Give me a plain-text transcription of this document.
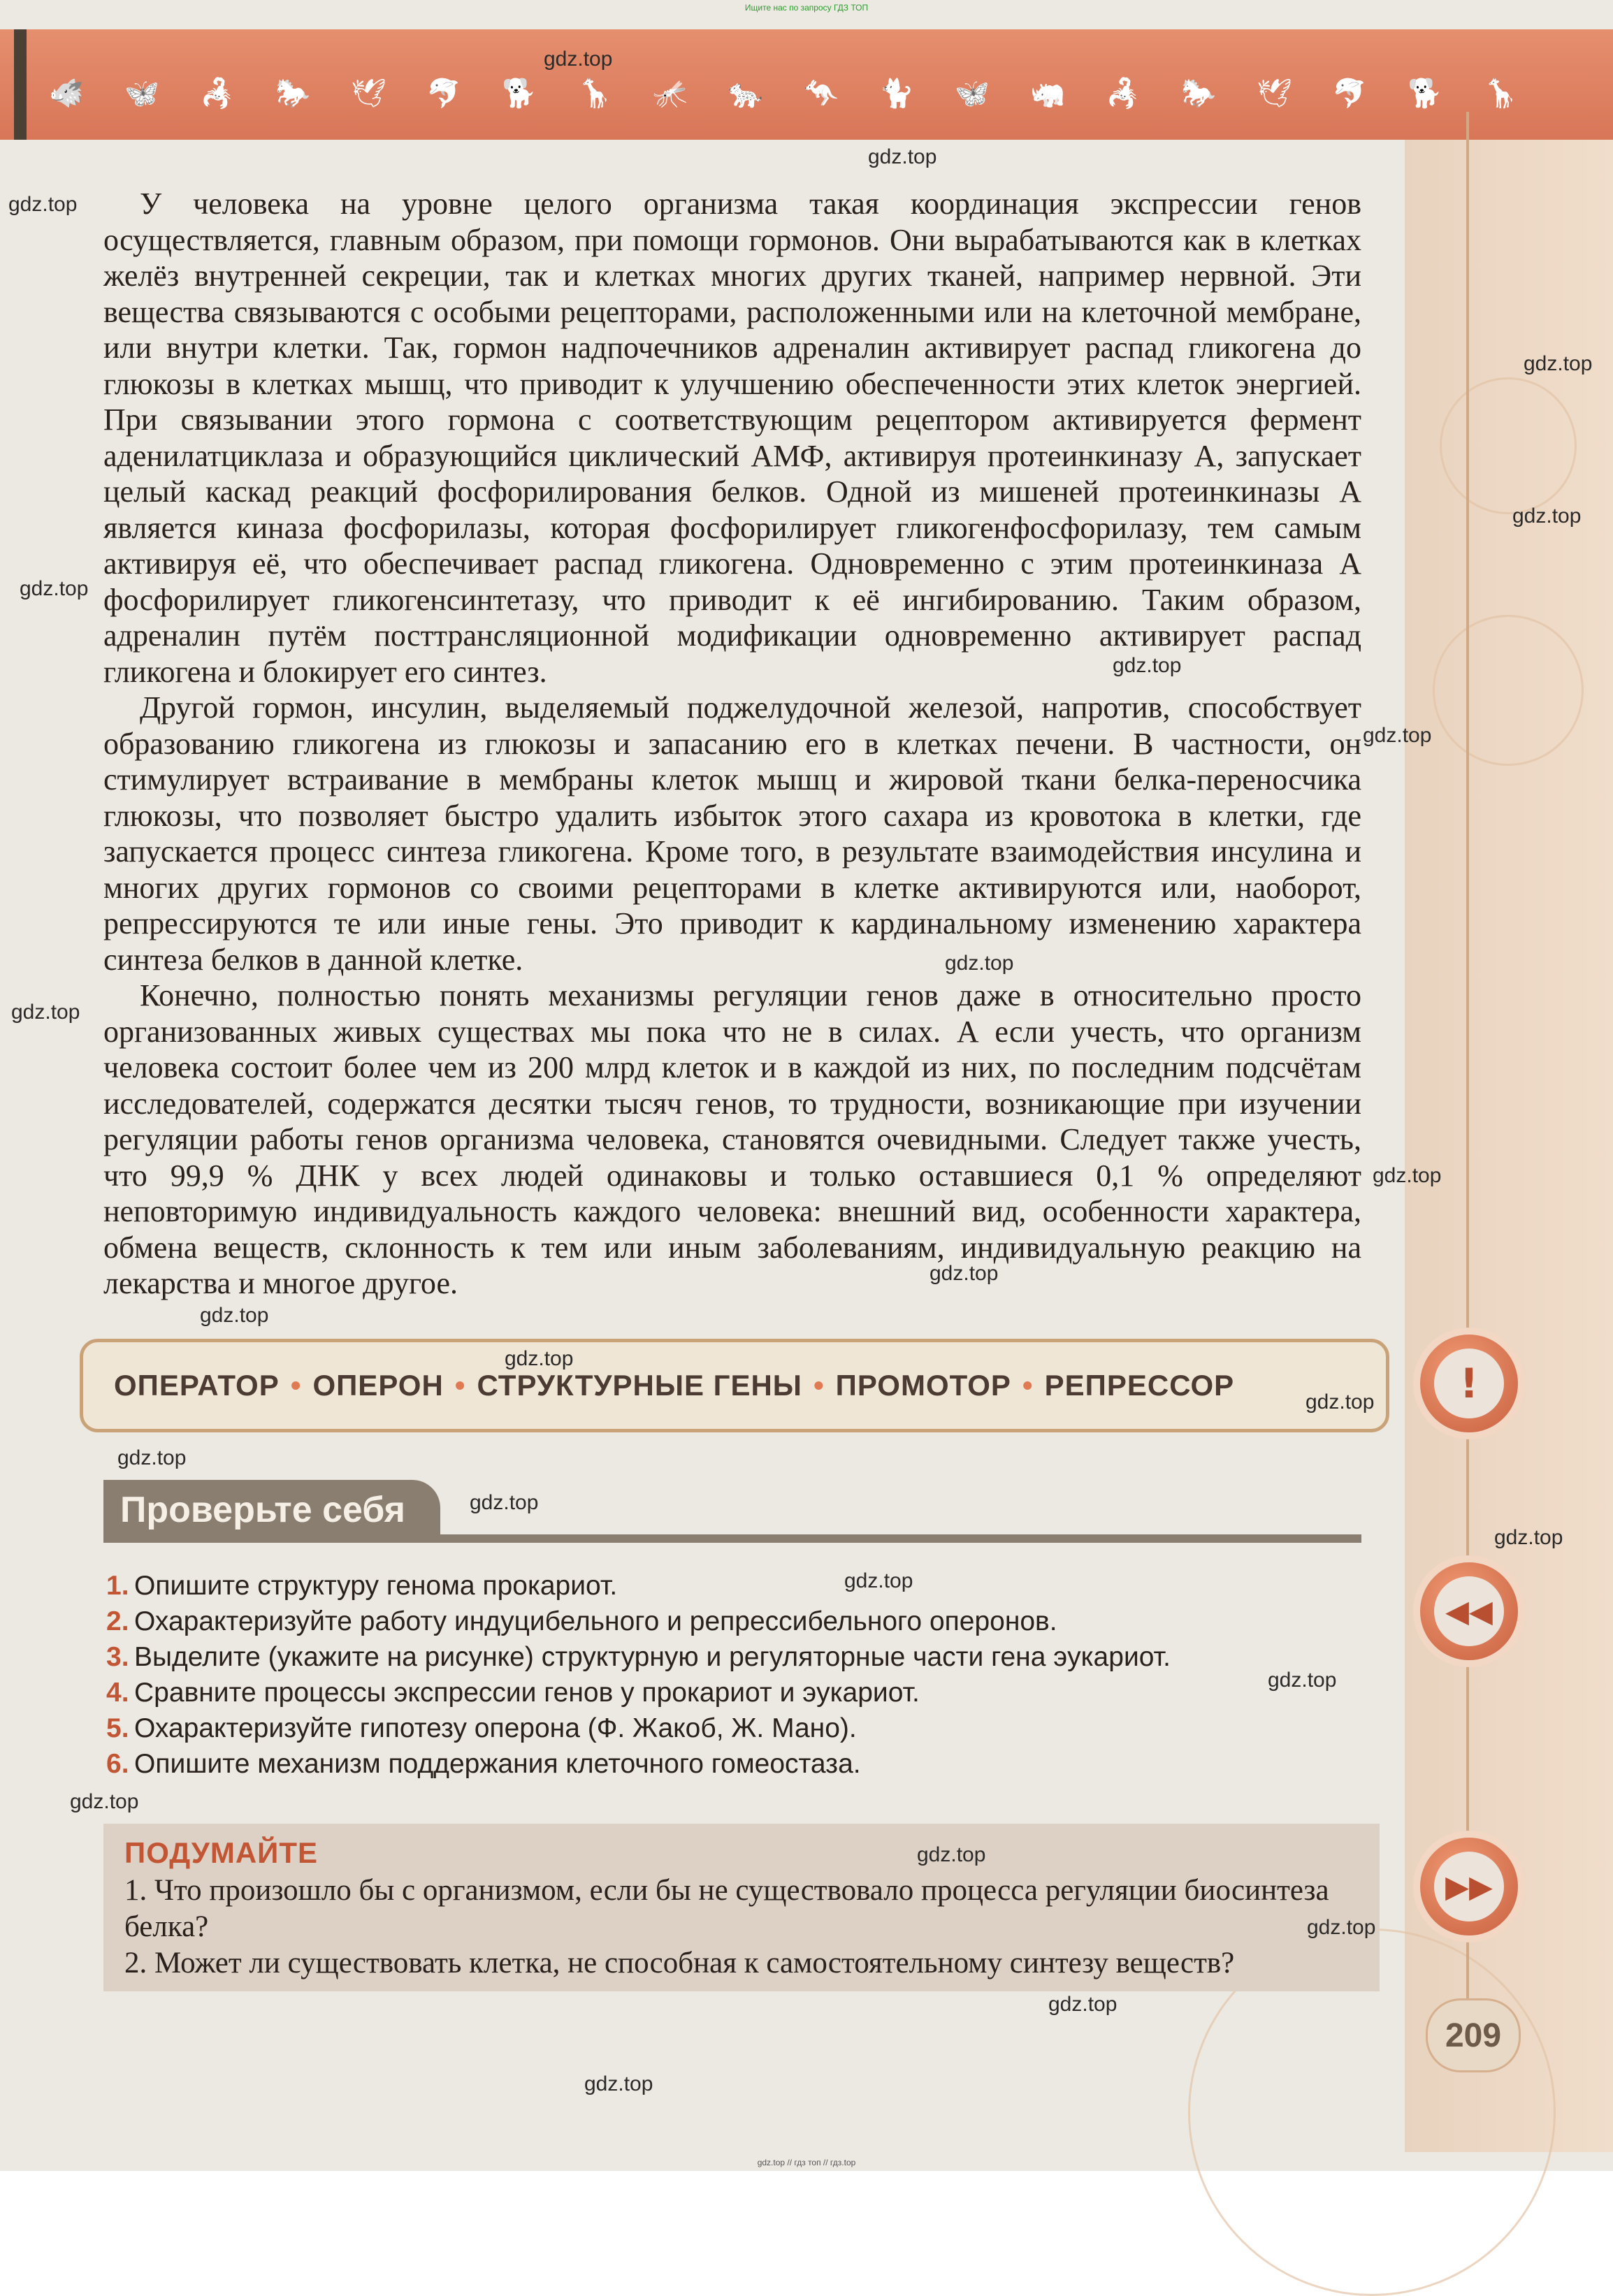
Ищите нас по запросу ГДЗ ТОП
🐗 🦋 🦂 🐎 🕊 🐬 🐕 🦒 🦟 🐆 🦘 🐈 🦋 🦏 🦂 🐎 🕊 🐬 🐕 🦒

У человека на уровне целого организма такая координация экспрессии генов осуществляется, главным образом, при помощи гормонов. Они вырабатываются как в клетках желёз внутренней секреции, так и клетках многих других тканей, например нервной. Эти вещества связываются с особыми рецепторами, расположенными или на клеточной мембране, или внутри клетки. Так, гормон надпочечников адреналин активирует распад гликогена до глюкозы в клетках мышц, что приводит к улучшению обеспеченности этих клеток энергией. При связывании этого гормона с соответствующим рецептором активируется фермент аденилатциклаза и образующийся циклический АМФ, активируя протеинкиназу А, запускает целый каскад реакций фосфорилирования белков. Одной из мишеней протеинкиназы А является киназа фосфорилазы, которая фосфорилирует гликогенфосфорилазу, тем самым активируя её, что обеспечивает распад гликогена. Одновременно с этим протеинкиназа А фосфорилирует гликогенсинтетазу, что приводит к её ингибированию. Таким образом, адреналин путём посттрансляционной модификации одновременно активирует распад гликогена и блокирует его синтез.

Другой гормон, инсулин, выделяемый поджелудочной железой, напротив, способствует образованию гликогена из глюкозы и запасанию его в клетках печени. В частности, он стимулирует встраивание в мембраны клеток мышц и жировой ткани белка-переносчика глюкозы, что позволяет быстро удалить избыток этого сахара из кровотока в клетки, где запускается процесс синтеза гликогена. Кроме того, в результате взаимодействия инсулина и многих других гормонов со своими рецепторами в клетке активируются или, наоборот, репрессируются те или иные гены. Это приводит к кардинальному изменению характера синтеза белков в данной клетке.

Конечно, полностью понять механизмы регуляции генов даже в относительно просто организованных живых существах мы пока что не в силах. А если учесть, что организм человека состоит более чем из 200 млрд клеток и в каждой из них, по последним подсчётам исследователей, содержатся десятки тысяч генов, то трудности, возникающие при изучении регуляции работы генов организма человека, становятся очевидными. Следует также учесть, что 99,9 % ДНК у всех людей одинаковы и только оставшиеся 0,1 % определяют неповторимую индивидуальность каждого человека: внешний вид, особенности характера, обмена веществ, склонность к тем или иным заболеваниям, индивидуальную реакцию на лекарства и многое другое.

ОПЕРАТОР • ОПЕРОН • СТРУКТУРНЫЕ ГЕНЫ • ПРОМОТОР • РЕПРЕССОР	!
Проверьте себя
1. Опишите структуру генома прокариот.
2. Охарактеризуйте работу индуцибельного и репрессибельного оперонов.
3. Выделите (укажите на рисунке) структурную и регуляторные части гена эукариот.
4. Сравните процессы экспрессии генов у прокариот и эукариот.
5. Охарактеризуйте гипотезу оперона (Ф. Жакоб, Ж. Мано).
6. Опишите механизм поддержания клеточного гомеостаза.
◀◀
ПОДУМАЙТЕ
1. Что произошло бы с организмом, если бы не существовало процесса регуляции биосинтеза белка?
2. Может ли существовать клетка, не способная к самостоятельному синтезу веществ?
▶▶
209
gdz.top
gdz.top
gdz.top
gdz.top
gdz.top
gdz.top
gdz.top
gdz.top
gdz.top
gdz.top
gdz.top
gdz.top
gdz.top
gdz.top
gdz.top
gdz.top
gdz.top
gdz.top
gdz.top
gdz.top
gdz.top
gdz.top
gdz.top
gdz.top
gdz.top
gdz.top // гдз топ // гдз.top
